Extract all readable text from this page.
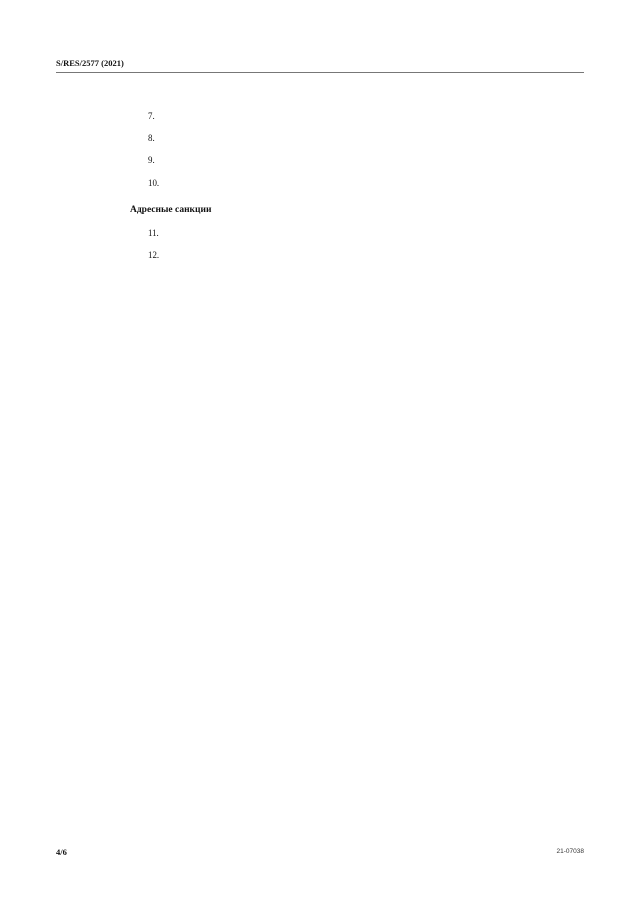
S/RES/2577 (2021)

7.

8.

9.

10.

Адресные санкции

11.

12.

4/6	21-07038
